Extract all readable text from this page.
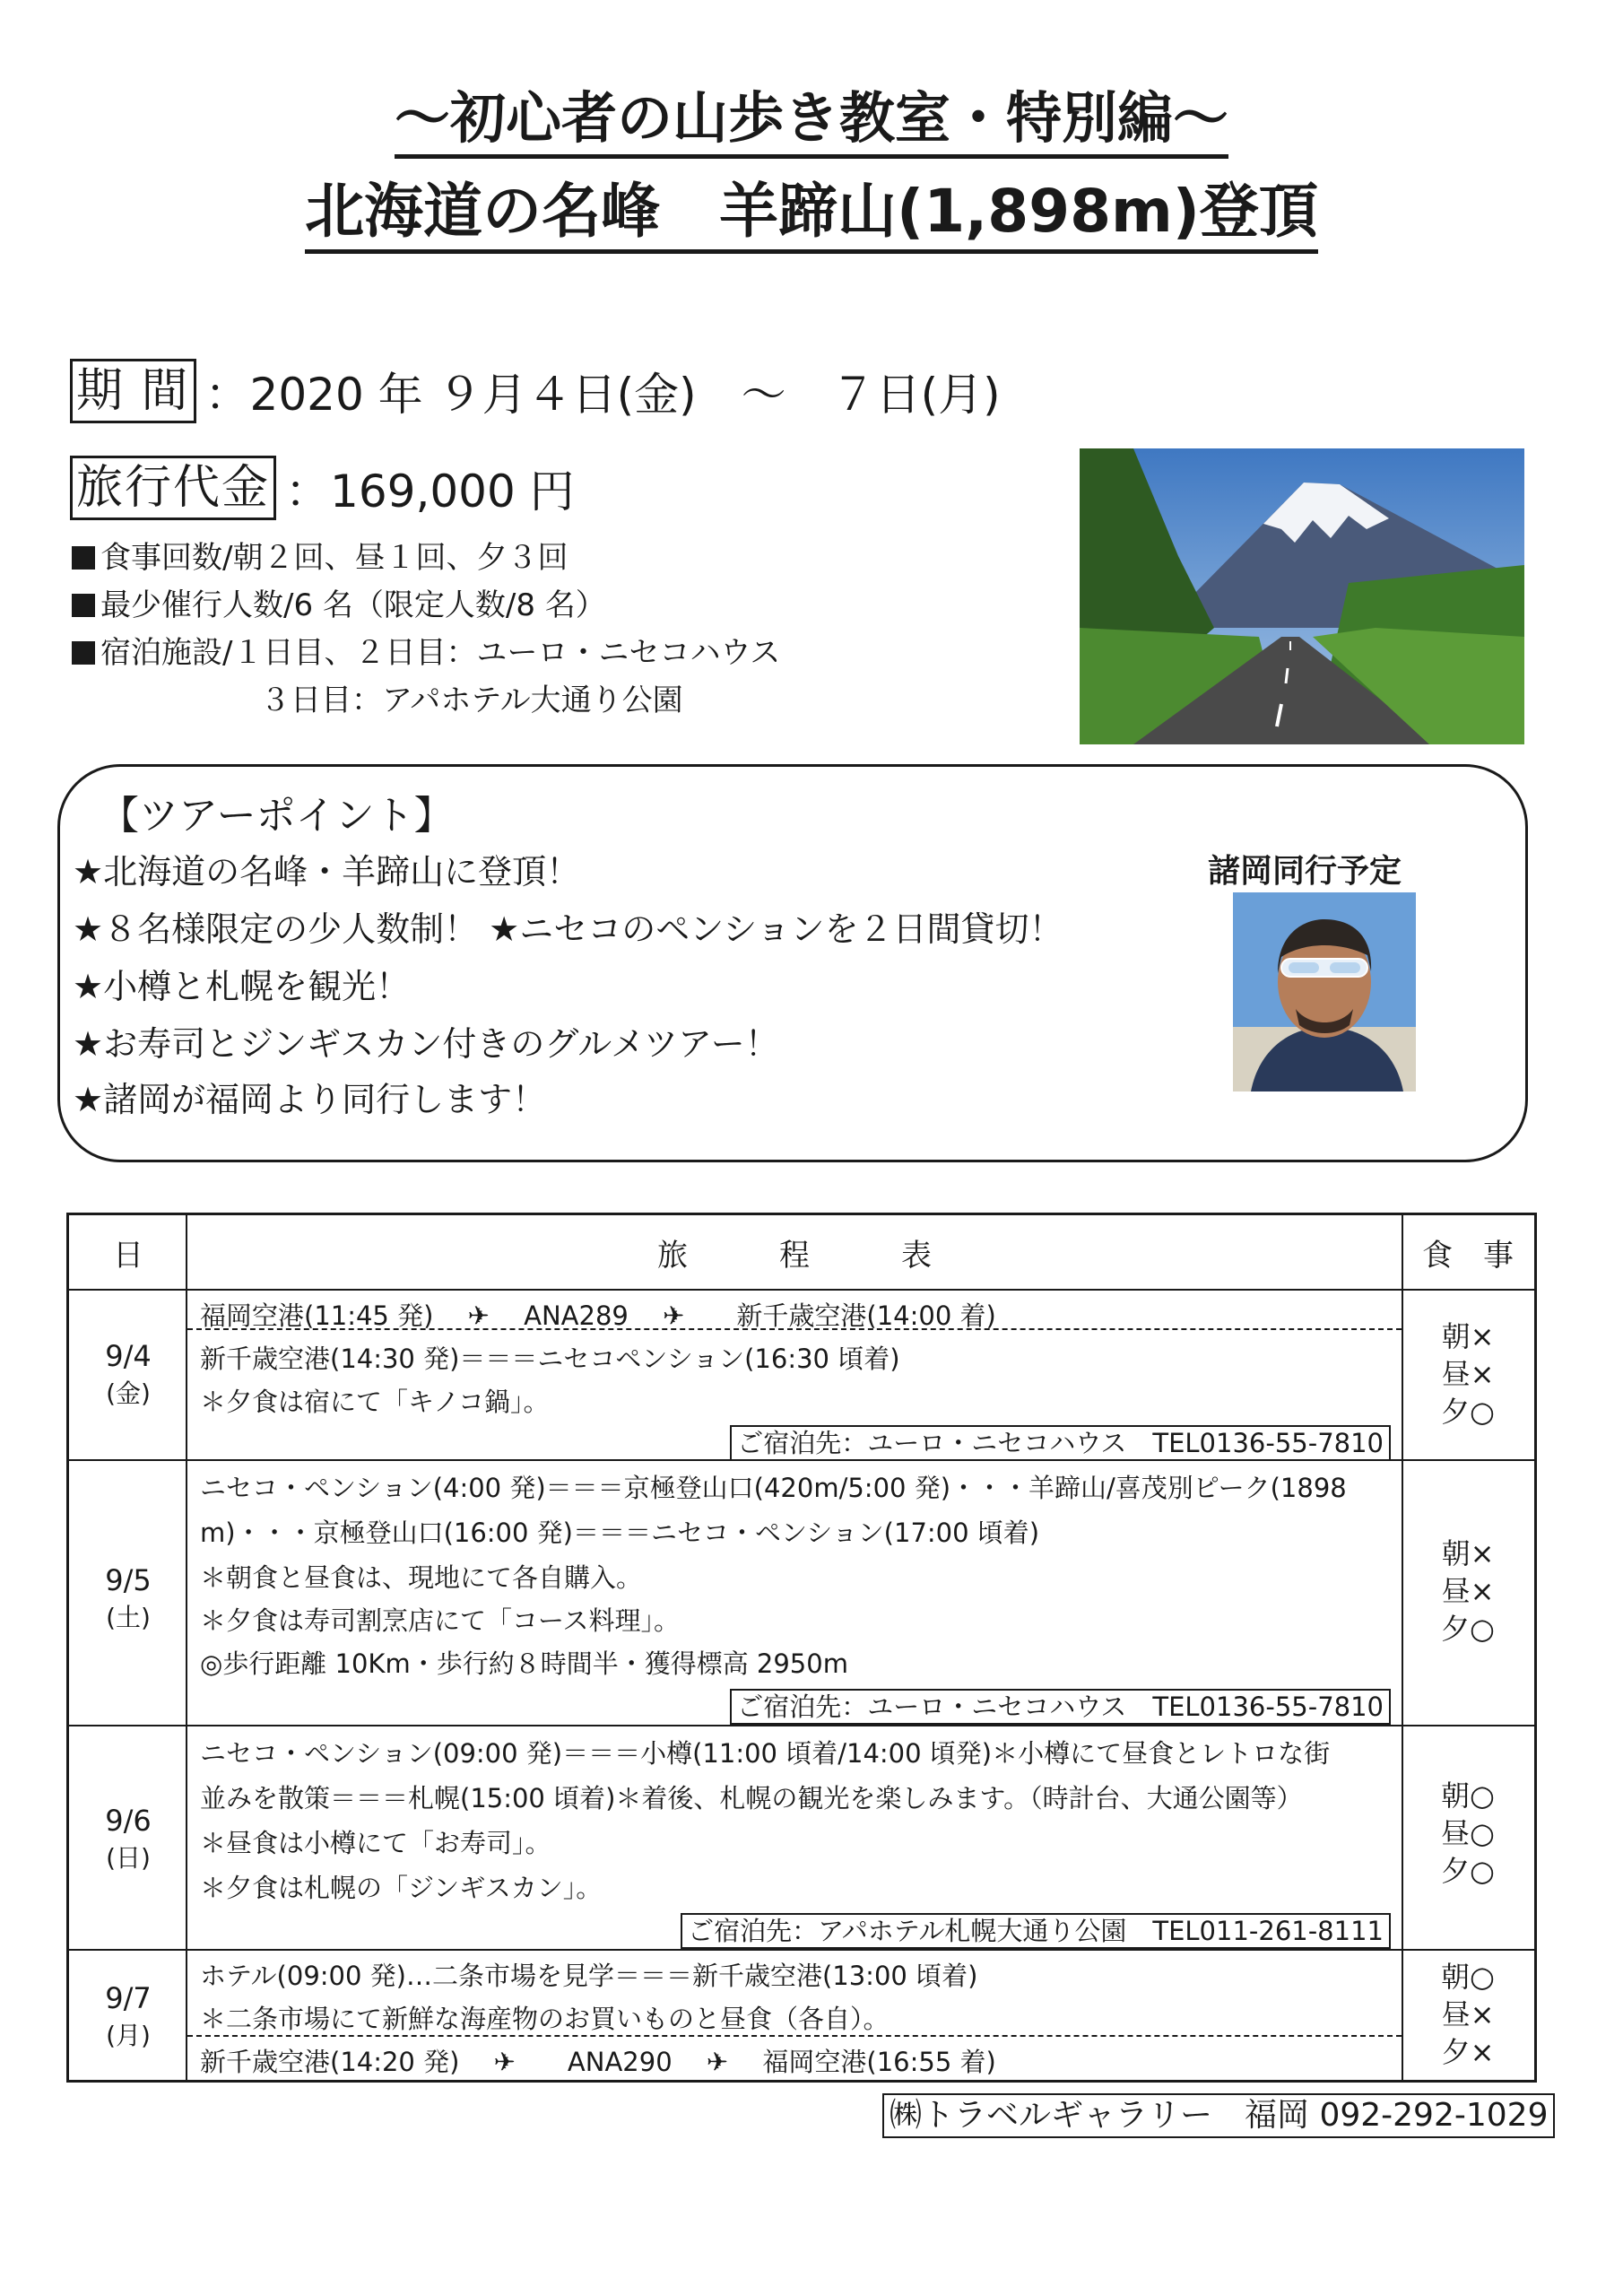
〜初心者の山歩き教室・特別編〜
北海道の名峰　羊蹄山(1,898m)登頂
期 間 ：2020 年 ９月４日(金)　～　７日(月)
旅行代金 ：169,000 円
食事回数/朝２回、昼１回、夕３回
最少催行人数/6 名（限定人数/8 名）
宿泊施設/１日目、２日目：ユーロ・ニセコハウス
３日目：アパホテル大通り公園
【ツアーポイント】
★北海道の名峰・羊蹄山に登頂！
★８名様限定の少人数制！ ★ニセコのペンションを２日間貸切！
★小樽と札幌を観光！
★お寿司とジンギスカン付きのグルメツアー！
★諸岡が福岡より同行します！
諸岡同行予定
日	旅　　　程　　　表	食　事
9/4
(金)
福岡空港(11:45 発)　 ✈　 ANA289　 ✈　　新千歳空港(14:00 着)
新千歳空港(14:30 発)＝＝＝ニセコペンション(16:30 頃着)
＊夕食は宿にて「キノコ鍋」。
ご宿泊先：ユーロ・ニセコハウス　TEL0136-55-7810
朝×
昼×
夕○
9/5
(土)
ニセコ・ペンション(4:00 発)＝＝＝京極登山口(420m/5:00 発)・・・羊蹄山/喜茂別ピーク(1898
m)・・・京極登山口(16:00 発)＝＝＝ニセコ・ペンション(17:00 頃着)
＊朝食と昼食は、現地にて各自購入。
＊夕食は寿司割烹店にて「コース料理」。
◎歩行距離 10Km・歩行約８時間半・獲得標高 2950m
ご宿泊先：ユーロ・ニセコハウス　TEL0136-55-7810
朝×
昼×
夕○
9/6
(日)
ニセコ・ペンション(09:00 発)＝＝＝小樽(11:00 頃着/14:00 頃発)＊小樽にて昼食とレトロな街
並みを散策＝＝＝札幌(15:00 頃着)＊着後、札幌の観光を楽しみます。（時計台、大通公園等）
＊昼食は小樽にて「お寿司」。
＊夕食は札幌の「ジンギスカン」。
ご宿泊先：アパホテル札幌大通り公園　TEL011-261-8111
朝○
昼○
夕○
9/7
(月)
ホテル(09:00 発)…二条市場を見学＝＝＝新千歳空港(13:00 頃着)
＊二条市場にて新鮮な海産物のお買いものと昼食（各自）。
新千歳空港(14:20 発)　 ✈　　ANA290　 ✈　 福岡空港(16:55 着)
朝○
昼×
夕×
㈱トラベルギャラリー　福岡 092-292-1029
